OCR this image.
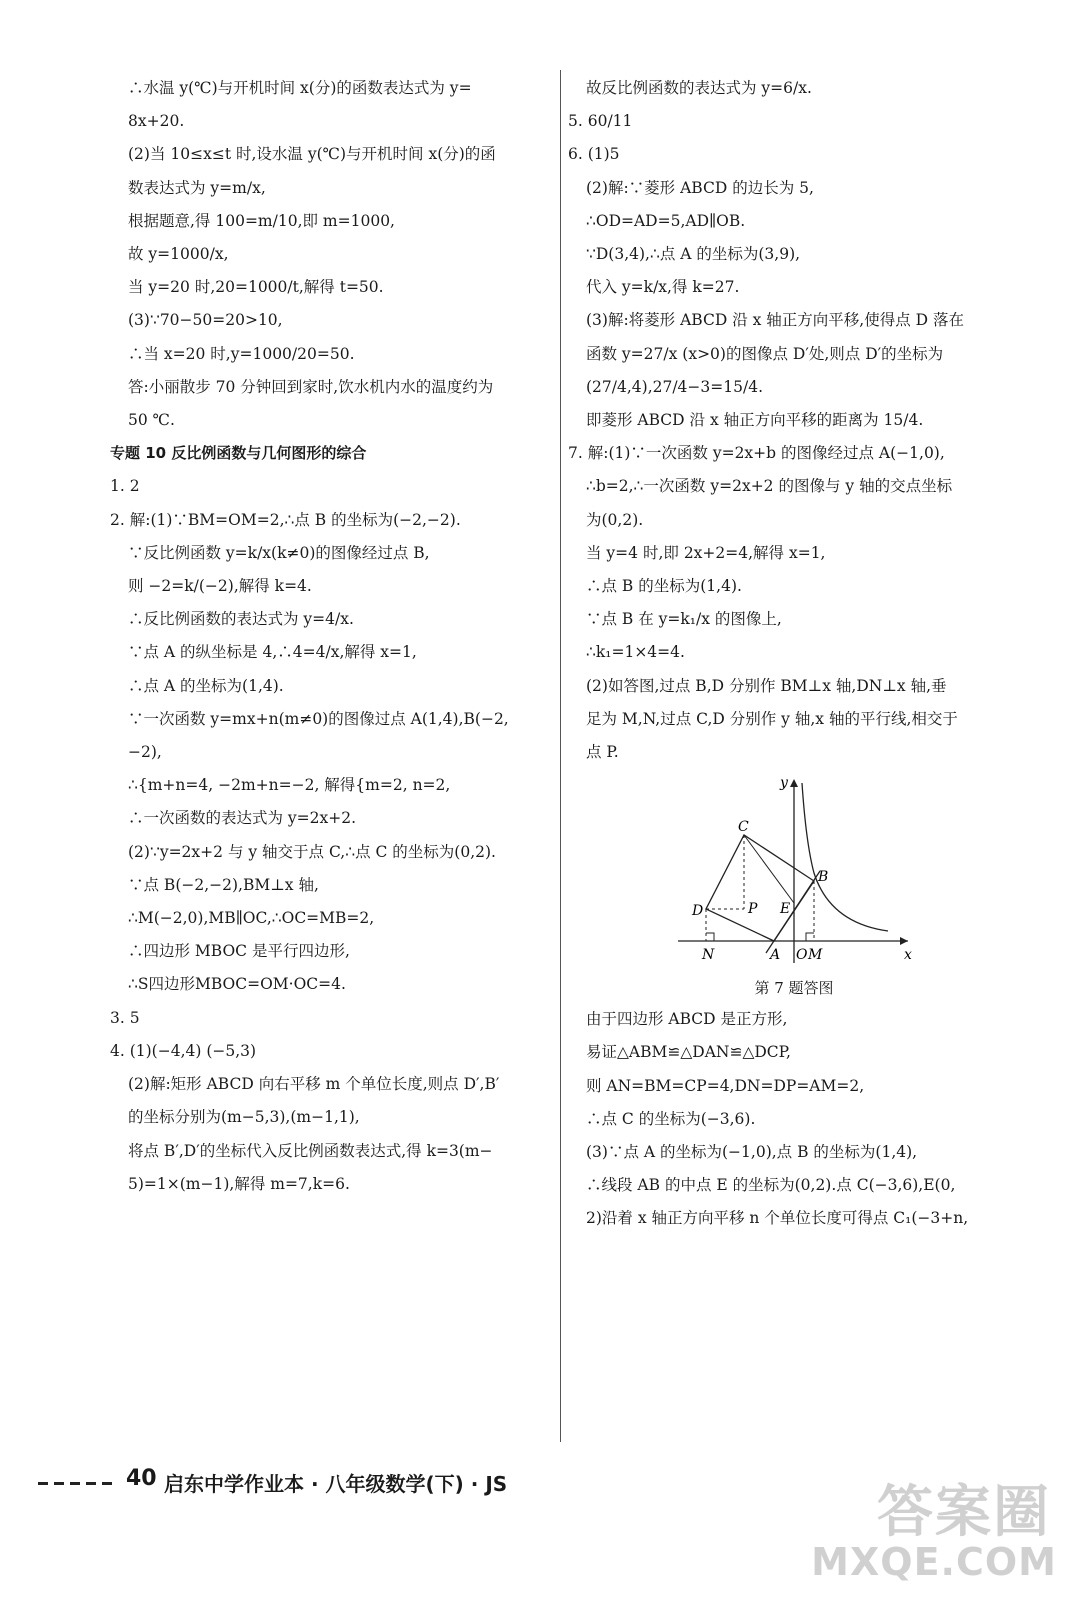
∴水温 y(℃)与开机时间 x(分)的函数表达式为 y=
8x+20.
(2)当 10≤x≤t 时,设水温 y(℃)与开机时间 x(分)的函
数表达式为 y=m/x,
根据题意,得 100=m/10,即 m=1000,
故 y=1000/x,
当 y=20 时,20=1000/t,解得 t=50.
(3)∵70−50=20>10,
∴当 x=20 时,y=1000/20=50.
答:小丽散步 70 分钟回到家时,饮水机内水的温度约为
50 ℃.
专题 10 反比例函数与几何图形的综合
1. 2
2. 解:(1)∵BM=OM=2,∴点 B 的坐标为(−2,−2).
∵反比例函数 y=k/x(k≠0)的图像经过点 B,
则 −2=k/(−2),解得 k=4.
∴反比例函数的表达式为 y=4/x.
∵点 A 的纵坐标是 4,∴4=4/x,解得 x=1,
∴点 A 的坐标为(1,4).
∵一次函数 y=mx+n(m≠0)的图像过点 A(1,4),B(−2,
−2),
∴{m+n=4, −2m+n=−2, 解得{m=2, n=2,
∴一次函数的表达式为 y=2x+2.
(2)∵y=2x+2 与 y 轴交于点 C,∴点 C 的坐标为(0,2).
∵点 B(−2,−2),BM⊥x 轴,
∴M(−2,0),MB∥OC,∴OC=MB=2,
∴四边形 MBOC 是平行四边形,
∴S四边形MBOC=OM·OC=4.
3. 5
4. (1)(−4,4) (−5,3)
(2)解:矩形 ABCD 向右平移 m 个单位长度,则点 D′,B′
的坐标分别为(m−5,3),(m−1,1),
将点 B′,D′的坐标代入反比例函数表达式,得 k=3(m−
5)=1×(m−1),解得 m=7,k=6.
故反比例函数的表达式为 y=6/x.
5. 60/11
6. (1)5
(2)解:∵菱形 ABCD 的边长为 5,
∴OD=AD=5,AD∥OB.
∵D(3,4),∴点 A 的坐标为(3,9),
代入 y=k/x,得 k=27.
(3)解:将菱形 ABCD 沿 x 轴正方向平移,使得点 D 落在
函数 y=27/x (x>0)的图像点 D′处,则点 D′的坐标为
(27/4,4),27/4−3=15/4.
即菱形 ABCD 沿 x 轴正方向平移的距离为 15/4.
7. 解:(1)∵一次函数 y=2x+b 的图像经过点 A(−1,0),
∴b=2,∴一次函数 y=2x+2 的图像与 y 轴的交点坐标
为(0,2).
当 y=4 时,即 2x+2=4,解得 x=1,
∴点 B 的坐标为(1,4).
∵点 B 在 y=k₁/x 的图像上,
∴k₁=1×4=4.
(2)如答图,过点 B,D 分别作 BM⊥x 轴,DN⊥x 轴,垂
足为 M,N,过点 C,D 分别作 y 轴,x 轴的平行线,相交于
点 P.
y
x
C
B
D	P E
N	A O M
第 7 题答图
由于四边形 ABCD 是正方形,
易证△ABM≌△DAN≌△DCP,
则 AN=BM=CP=4,DN=DP=AM=2,
∴点 C 的坐标为(−3,6).
(3)∵点 A 的坐标为(−1,0),点 B 的坐标为(1,4),
∴线段 AB 的中点 E 的坐标为(0,2).点 C(−3,6),E(0,
2)沿着 x 轴正方向平移 n 个单位长度可得点 C₁(−3+n,
40 启东中学作业本 · 八年级数学(下) · JS	答案圈
MXQE.COM
